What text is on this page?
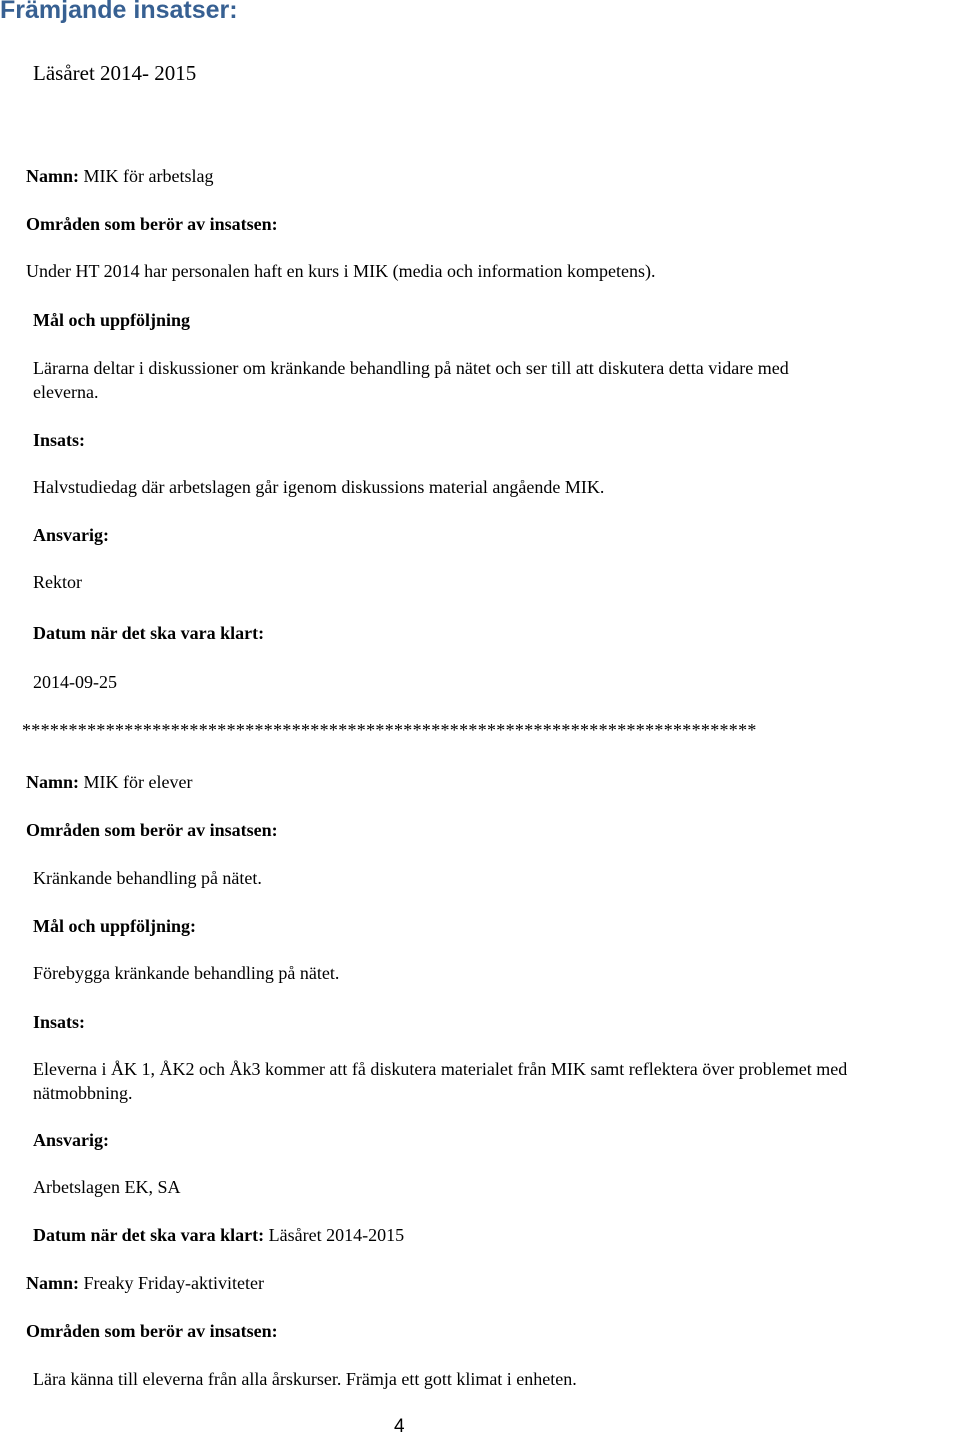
Främjande insatser:
Läsåret 2014- 2015
Namn: MIK för arbetslag
Områden som berör av insatsen:
Under HT 2014 har personalen haft en kurs i MIK (media och information kompetens).
Mål och uppföljning
Lärarna deltar i diskussioner om kränkande behandling på nätet och ser till att diskutera detta vidare med
eleverna.
Insats:
Halvstudiedag där arbetslagen går igenom diskussions material angående MIK.
Ansvarig:
Rektor
Datum när det ska vara klart:
2014-09-25
*******************************************************************************
Namn: MIK för elever
Områden som berör av insatsen:
Kränkande behandling på nätet.
Mål och uppföljning:
Förebygga kränkande behandling på nätet.
Insats:
Eleverna i ÅK 1, ÅK2 och Åk3 kommer att få diskutera materialet från MIK samt reflektera över problemet med
nätmobbning.
Ansvarig:
Arbetslagen EK, SA
Datum när det ska vara klart: Läsåret 2014-2015
Namn: Freaky Friday-aktiviteter
Områden som berör av insatsen:
Lära känna till eleverna från alla årskurser. Främja ett gott klimat i enheten.
4
